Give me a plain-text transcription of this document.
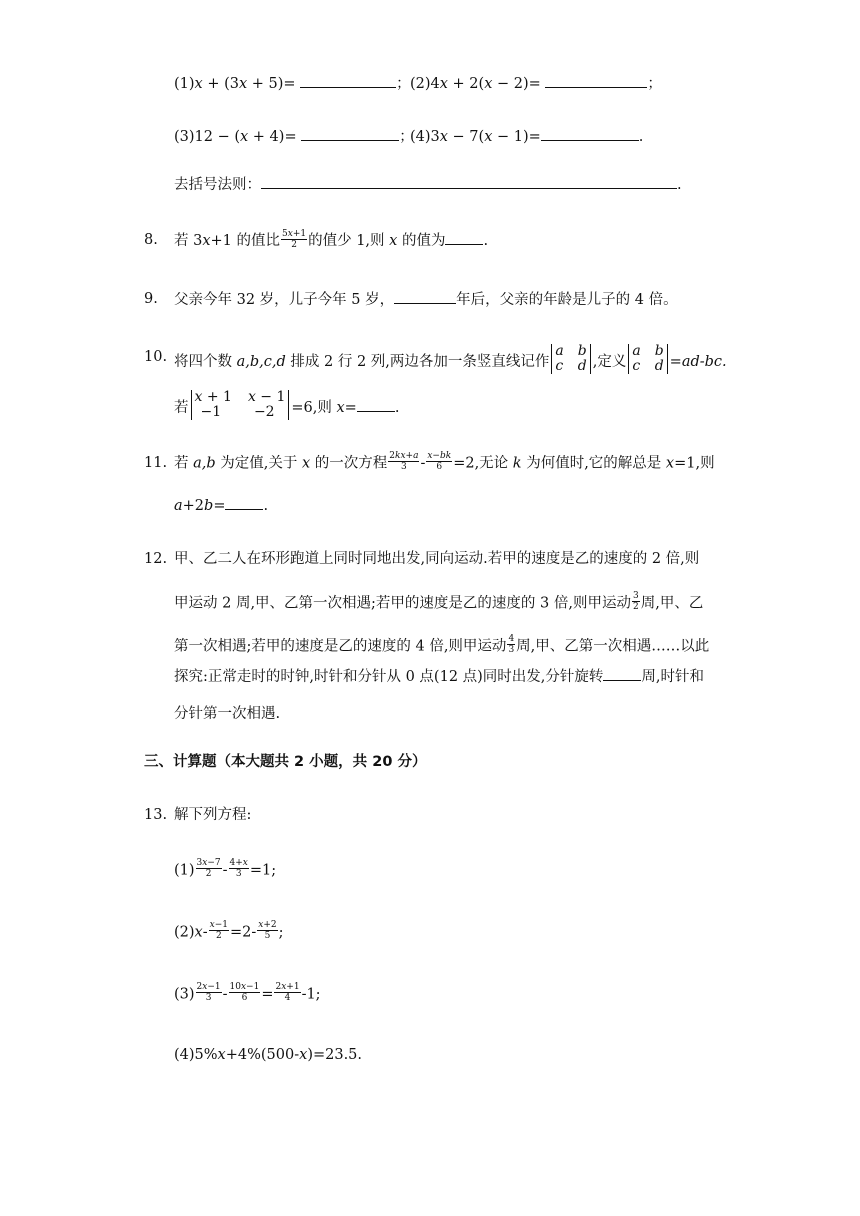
(1)𝑥 + (3𝑥 + 5)=	； (2)4𝑥 + 2(𝑥 − 2)=	；
(3)12 − (𝑥 + 4)=	；
(4)3𝑥 − 7(𝑥 − 1)=	.
去括号法则：	.
8. 若 3x+1 的值比 $\frac{\text{5𝑥+1}}{2}$ 的值少 1,则 x 的值为	.
9. 父亲今年 32 岁，儿子今年 5 岁，	年后，父亲的年龄是儿子的 4 倍。
10. 将四个数 a,b,c,d 排成 2 行 2 列,两边各加一条竖直线记作
𝑎 𝑏
𝑐 𝑑 ,定义
𝑎 𝑏
𝑐 𝑑 =ad-bc.
若
𝑥 + 1 𝑥 − 1
−1	−2	=6,则 x=	.
11. 若 a,b 为定值,关于 x 的一次方程 $\frac{\text{2𝑘𝑥+𝑎}}{3} - \frac{\text{𝑥−𝑏𝑘}}{6} =2$,无论 k 为何值时,它的解总是 x=1,则
a+2b=	.
12. 甲、乙二人在环形跑道上同时同地出发,同向运动.若甲的速度是乙的速度的 2 倍,则
甲运动 2 周,甲、乙第一次相遇;若甲的速度是乙的速度的 3 倍,则甲运动 $\frac{3}{2}$ 周,甲、乙
第一次相遇;若甲的速度是乙的速度的 4 倍,则甲运动 $\frac{4}{3}$ 周,甲、乙第一次相遇……以此
探究:正常走时的时钟,时针和分针从 0 点(12 点)同时出发,分针旋转	周,时针和
分针第一次相遇.
三、计算题（本大题共 2 小题，共 20 分）
13. 解下列方程:
$(1) \frac{\text{3𝑥−7}}{2} - \frac{\text{4+𝑥}}{3} =1$;
$(2)x- \frac{\text{𝑥−1}}{2} =2- \frac{\text{𝑥+2}}{5}$ ;
$(3) \frac{\text{2𝑥−1}}{3} - \frac{\text{10𝑥−1}}{6} = \frac{\text{2𝑥+1}}{4} -1$;
(4)5%x+4%(500-x)=23.5.
